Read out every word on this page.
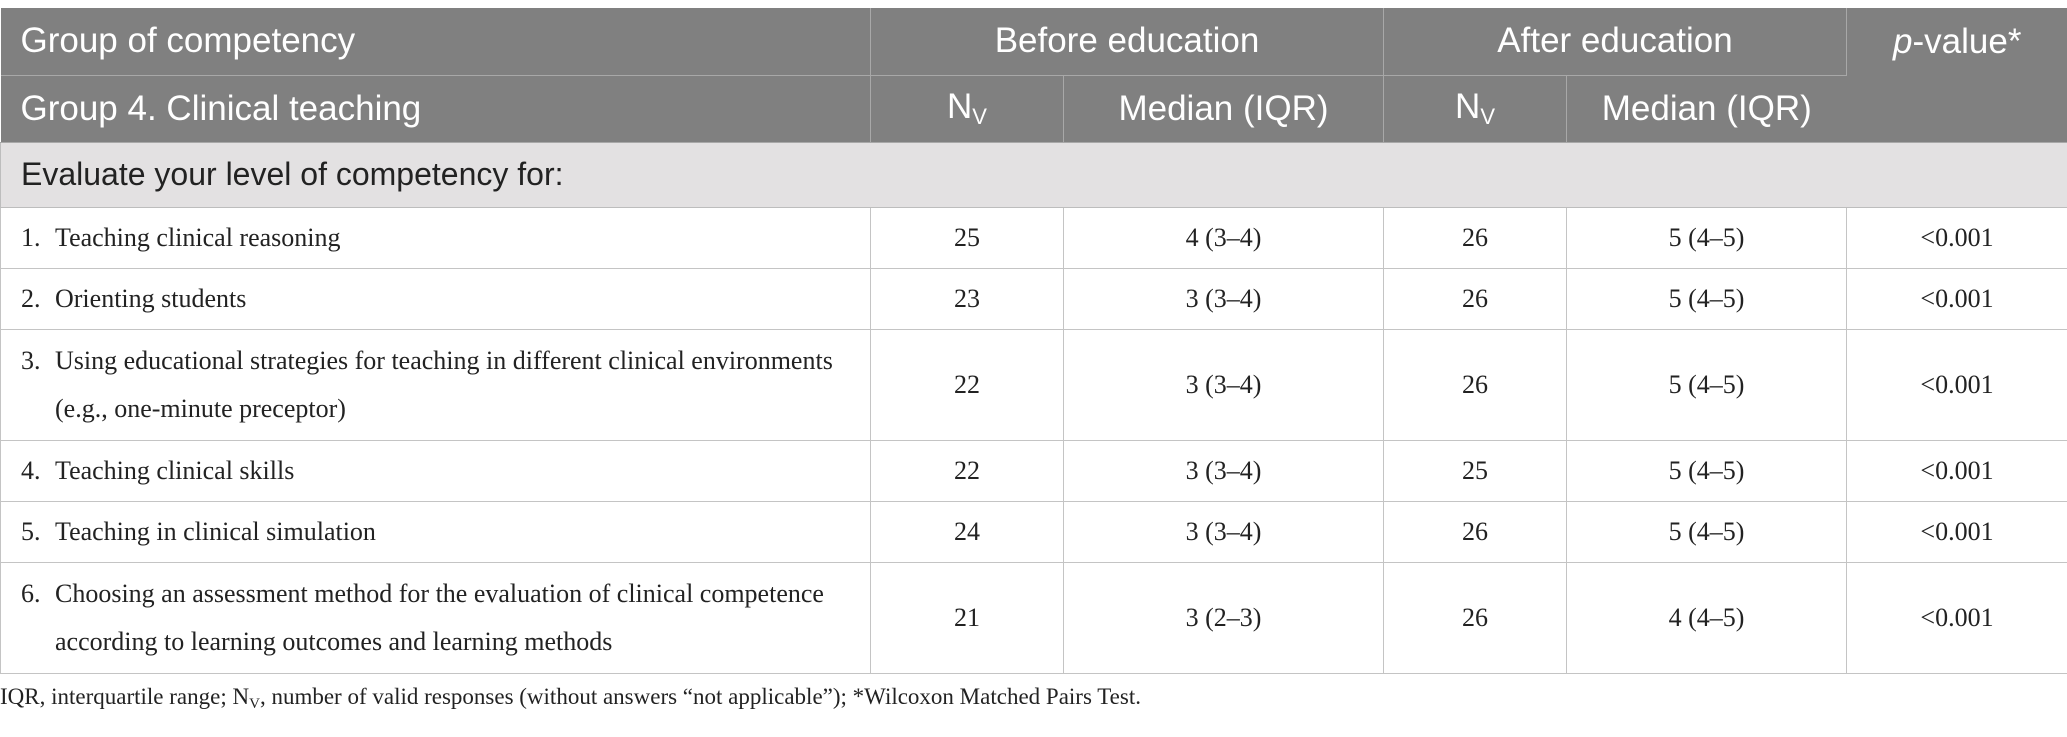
Group of competency	Before education		After education		p-value*
Group 4. Clinical teaching	$N_V$	Median (IQR)	$N_V$	Median (IQR)	
Evaluate your level of competency for:					
1. Teaching clinical reasoning	25	4 (3–4)	26	5 (4–5)	<0.001
2. Orienting students	23	3 (3–4)	26	5 (4–5)	<0.001
3. Using educational strategies for teaching in different clinical environments (e.g., one-minute preceptor)	22	3 (3–4)	26	5 (4–5)	<0.001
4. Teaching clinical skills	22	3 (3–4)	25	5 (4–5)	<0.001
5. Teaching in clinical simulation	24	3 (3–4)	26	5 (4–5)	<0.001
6. Choosing an assessment method for the evaluation of clinical competence according to learning outcomes and learning methods	21	3 (2–3)	26	4 (4–5)	<0.001
IQR, interquartile range; $N_V$, number of valid responses (without answers “not applicable”); *Wilcoxon Matched Pairs Test.
